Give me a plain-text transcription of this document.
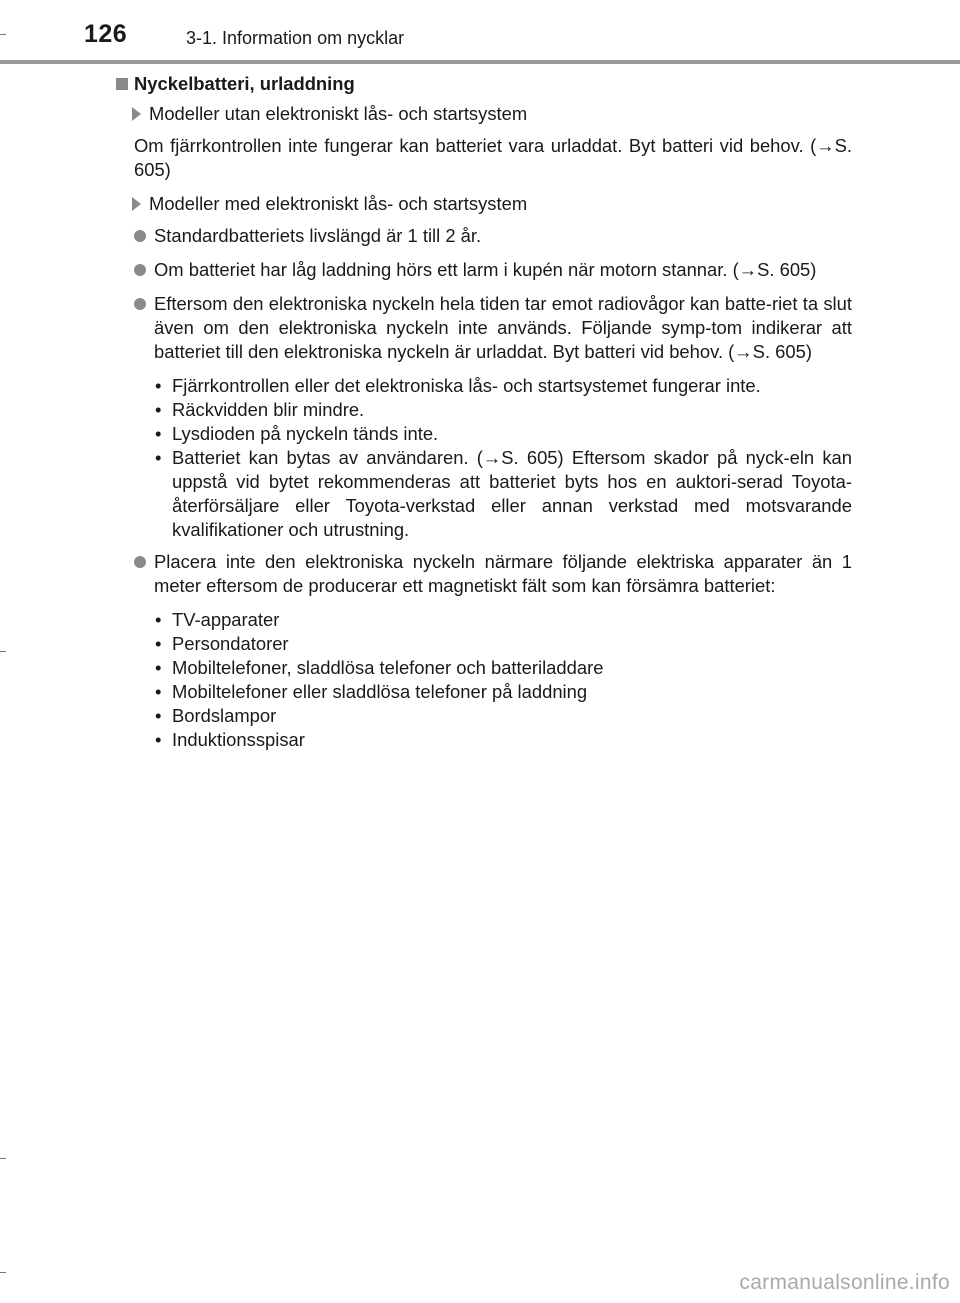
126	3-1. Information om nycklar
Nyckelbatteri, urladdning
Modeller utan elektroniskt lås- och startsystem
Om fjärrkontrollen inte fungerar kan batteriet vara urladdat. Byt batteri vid behov. (→S. 605)
Modeller med elektroniskt lås- och startsystem
Standardbatteriets livslängd är 1 till 2 år.
Om batteriet har låg laddning hörs ett larm i kupén när motorn stannar. (→S. 605)
Eftersom den elektroniska nyckeln hela tiden tar emot radiovågor kan batte-riet ta slut även om den elektroniska nyckeln inte används. Följande symp-tom indikerar att batteriet till den elektroniska nyckeln är urladdat. Byt batteri vid behov. (→S. 605)
• Fjärrkontrollen eller det elektroniska lås- och startsystemet fungerar inte.
• Räckvidden blir mindre.
• Lysdioden på nyckeln tänds inte.
• Batteriet kan bytas av användaren. (→S. 605) Eftersom skador på nyck-eln kan uppstå vid bytet rekommenderas att batteriet byts hos en auktori-serad Toyota-återförsäljare eller Toyota-verkstad eller annan verkstad med motsvarande kvalifikationer och utrustning.
Placera inte den elektroniska nyckeln närmare följande elektriska apparater än 1 meter eftersom de producerar ett magnetiskt fält som kan försämra batteriet:
• TV-apparater
• Persondatorer
• Mobiltelefoner, sladdlösa telefoner och batteriladdare
• Mobiltelefoner eller sladdlösa telefoner på laddning
• Bordslampor
• Induktionsspisar
carmanualsonline.info
